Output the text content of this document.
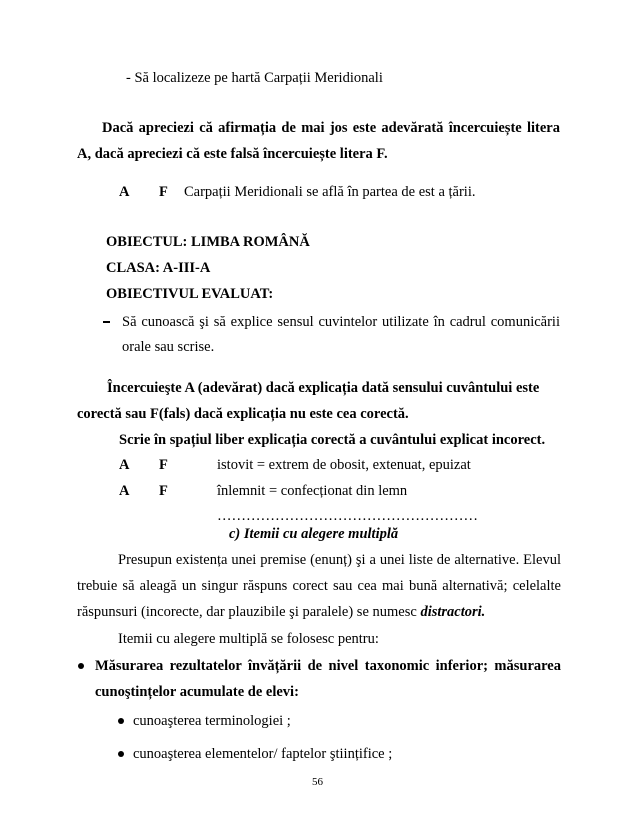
- Să localizeze pe hartă Carpații Meridionali
Dacă apreciezi că afirmația de mai jos este adevărată încercuiește litera
A, dacă apreciezi că este falsă încercuiește litera F.
A F Carpații Meridionali se află în partea de est a țării.
OBIECTUL: LIMBA ROMÂNĂ
CLASA: A-III-A
OBIECTIVUL EVALUAT:
Să cunoască şi să explice sensul cuvintelor utilizate în cadrul comunicării
orale sau scrise.
Încercuieşte A (adevărat) dacă explicația dată sensului cuvântului este
corectă sau F(fals) dacă explicația nu este cea corectă.
Scrie în spațiul liber explicația corectă a cuvântului explicat incorect.
A F	istovit = extrem de obosit, extenuat, epuizat
A F	înlemnit = confecționat din lemn
………………………………………………
c) Itemii cu alegere multiplă
Presupun existența unei premise (enunț) şi a unei liste de alternative. Elevul
trebuie să aleagă un singur răspuns corect sau cea mai bună alternativă; celelalte
răspunsuri (incorecte, dar plauzibile şi paralele) se numesc distractori.
Itemii cu alegere multiplă se folosesc pentru:
Măsurarea rezultatelor învățării de nivel taxonomic inferior; măsurarea
cunoştințelor acumulate de elevi:
cunoaşterea terminologiei ;
cunoaşterea elementelor/ faptelor ştiințifice ;
56
